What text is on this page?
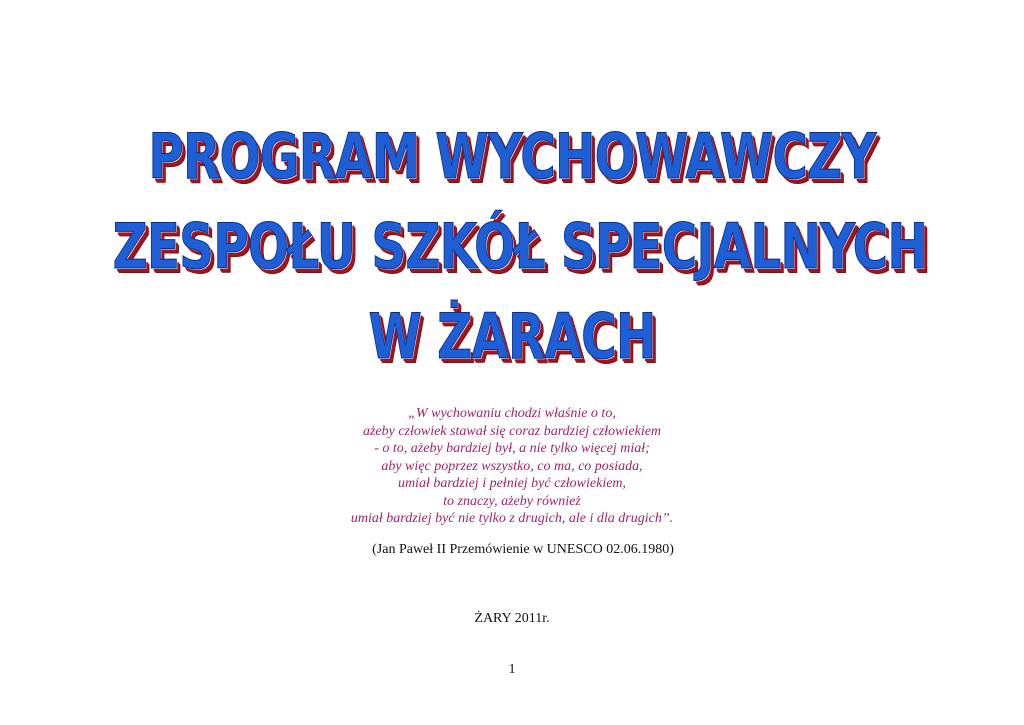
PROGRAM WYCHOWAWCZY
ZESPOŁU SZKÓŁ SPECJALNYCH
W ŻARACH
„W wychowaniu chodzi właśnie o to,
ażeby człowiek stawał się coraz bardziej człowiekiem
- o to, ażeby bardziej był, a nie tylko więcej miał;
aby więc poprzez wszystko, co ma, co posiada,
umiał bardziej i pełniej być człowiekiem,
to znaczy, ażeby również
umiał bardziej być nie tylko z drugich, ale i dla drugich”.
(Jan Paweł II Przemówienie w UNESCO 02.06.1980)
ŻARY 2011r.
1
